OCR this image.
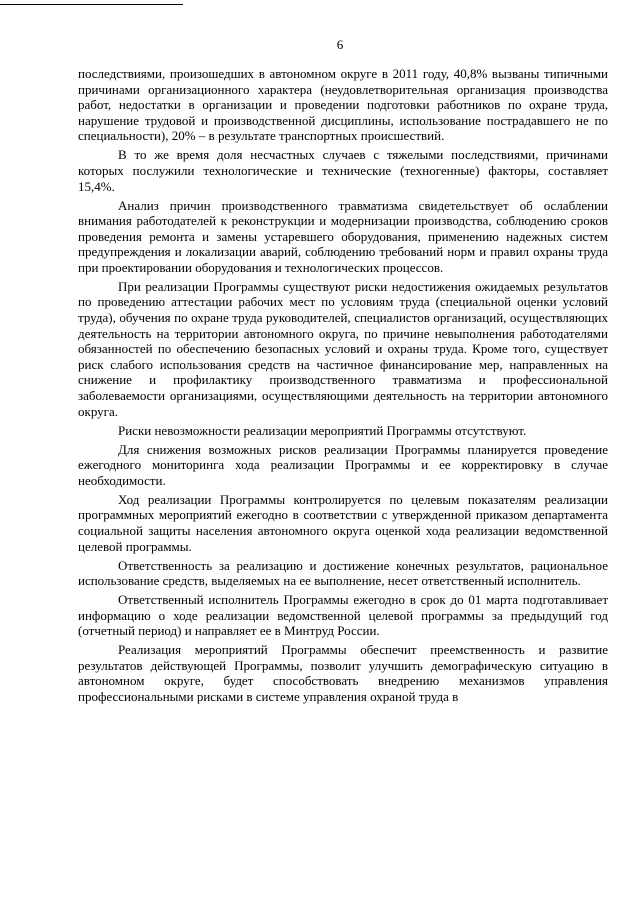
6

последствиями, произошедших в автономном округе в 2011 году, 40,8% вызваны типичными причинами организационного характера (неудовлетворительная организация производства работ, недостатки в организации и проведении подготовки работников по охране труда, нарушение трудовой и производственной дисциплины, использование пострадавшего не по специальности), 20% – в результате транспортных происшествий.

В то же время доля несчастных случаев с тяжелыми последствиями, причинами которых послужили технологические и технические (техногенные) факторы, составляет 15,4%.

Анализ причин производственного травматизма свидетельствует об ослаблении внимания работодателей к реконструкции и модернизации производства, соблюдению сроков проведения ремонта и замены устаревшего оборудования, применению надежных систем предупреждения и локализации аварий, соблюдению требований норм и правил охраны труда при проектировании оборудования и технологических процессов.

При реализации Программы существуют риски недостижения ожидаемых результатов по проведению аттестации рабочих мест по условиям труда (специальной оценки условий труда), обучения по охране труда руководителей, специалистов организаций, осуществляющих деятельность на территории автономного округа, по причине невыполнения работодателями обязанностей по обеспечению безопасных условий и охраны труда. Кроме того, существует риск слабого использования средств на частичное финансирование мер, направленных на снижение и профилактику производственного травматизма и профессиональной заболеваемости организациями, осуществляющими деятельность на территории автономного округа.

Риски невозможности реализации мероприятий Программы отсутствуют.

Для снижения возможных рисков реализации Программы планируется проведение ежегодного мониторинга хода реализации Программы и ее корректировку в случае необходимости.

Ход реализации Программы контролируется по целевым показателям реализации программных мероприятий ежегодно в соответствии с утвержденной приказом департамента социальной защиты населения автономного округа оценкой хода реализации ведомственной целевой программы.

Ответственность за реализацию и достижение конечных результатов, рациональное использование средств, выделяемых на ее выполнение, несет ответственный исполнитель.

Ответственный исполнитель Программы ежегодно в срок до 01 марта подготавливает информацию о ходе реализации ведомственной целевой программы за предыдущий год (отчетный период) и направляет ее в Минтруд России.

Реализация мероприятий Программы обеспечит преемственность и развитие результатов действующей Программы, позволит улучшить демографическую ситуацию в автономном округе, будет способствовать внедрению механизмов управления профессиональными рисками в системе управления охраной труда в
